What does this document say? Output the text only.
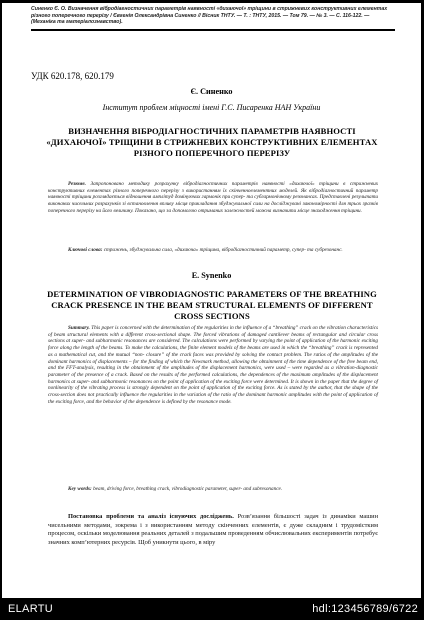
Синенко Є. О. Визначення вібродіагностичних параметрів наявності «дихаючої» тріщини в стрижневих конструктивних елементах різного поперечного перерізу / Євгенія Олександрівна Синенко // Вісник ТНТУ. — Т. : ТНТУ, 2015. — Том 79. — № 3. — С. 116-122. — (Механіка та матеріалознавство).
УДК 620.178, 620.179
Є. Синенко
Інститут проблем міцності імені Г.С. Писаренка НАН України
ВИЗНАЧЕННЯ ВІБРОДІАГНОСТИЧНИХ ПАРАМЕТРІВ НАЯВНОСТІ «ДИХАЮЧОЇ» ТРІЩИНИ В СТРИЖНЕВИХ КОНСТРУКТИВНИХ ЕЛЕМЕНТАХ РІЗНОГО ПОПЕРЕЧНОГО ПЕРЕРІЗУ
Резюме. Запропоновано методику розрахунку вібродіагностичних параметрів наявності «дихаючої» тріщини в стрижневих конструктивних елементах різного поперечного перерізу з використанням їх скінченноелементних моделей. Як вібродіагностичний параметр наявності тріщини розглядається відношення амплітуд домінуючих гармонік при супер- та субгармонічному резонансах. Представлені результати виконаних чисельних розрахунків зі встановлення впливу місця прикладання збуджувальної сили на досліджувані закономірності для трьох зразків поперечного перерізу на його величину. Показано, що за допомогою отриманих залежностей можна визначити місце знаходження тріщини.
Ключові слова: стрижень, збуджувальна сила, «дихаюча» тріщина, вібродіагностичний параметр, супер- та субрезонанс.
E. Synenko
DETERMINATION OF VIBRODIAGNOSTIC PARAMETERS OF THE BREATHING CRACK PRESENCE IN THE BEAM STRUCTURAL ELEMENTS OF DIFFERENT CROSS SECTIONS
Summary. This paper is concerned with the determination of the regularities in the influence of a “breathing” crack on the vibration characteristics of beam structural elements with a different cross-sectional shape. The forced vibrations of damaged cantilever beams of rectangular and circular cross sections at super- and subharmonic resonances are considered. The calculations were performed by varying the point of application of the harmonic exciting force along the length of the beams. To make the calculations, the finite element models of the beams are used in which the “breathing” crack is represented as a mathematical cut, and the mutual “non- closure” of the crack faces was provided by solving the contact problem. The ratios of the amplitudes of the dominant harmonics of displacements – for the finding of which the Newmark method, allowing the obtainment of the time dependence of the free beam end, and the FFT-analysis, resulting in the obtainment of the amplitudes of the displacement harmonics, were used – were regarded as a vibration-diagnostic parameter of the presence of a crack. Based on the results of the performed calculations, the dependences of the maximum amplitudes of the displacement harmonics at super- and subharmonic resonances on the point of application of the exciting force were determined. It is shown in the paper that the degree of nonlinearity of the vibrating process is strongly dependent on the point of application of the exciting force. As is stated by the author, that the shape of the cross-section does not practically influence the regularities in the variation of the ratio of the dominant harmonic amplitudes with the point of application of the exciting force, and the behavior of the dependence is defined by the resonance mode.
Key words: beam, driving force, breathing crack, vibrodiagnostic parameter, super- and subresonance.
Постановка проблеми та аналіз існуючих досліджень. Розв’язання більшості задач із динаміки машин чисельними методами, зокрема і з використанням методу скінченних елементів, є дуже складним і трудомістким процесом, оскільки моделювання реальних деталей з подальшим проведенням обчислювальних експериментів потребує значних комп’ютерних ресурсів. Щоб уникнути цього, в міру
ELARTU	hdl:123456789/6722
